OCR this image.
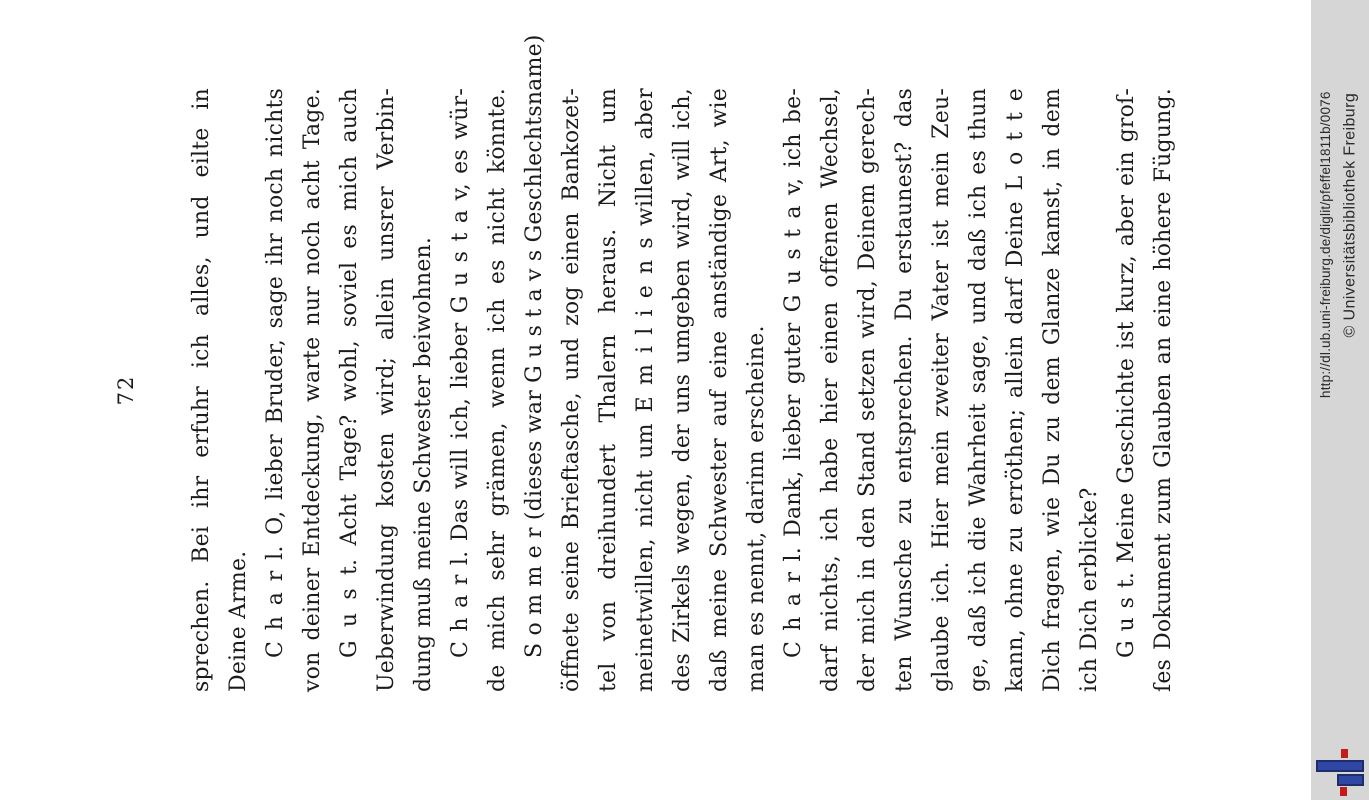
72 sprechen. Bei ihr erfuhr ich alles, und eilte in Deine Arme. C h a r l. O, lieber Bruder, sage ihr noch nichts von deiner Entdeckung, warte nur noch acht Tage. G u s t. Acht Tage? wohl, soviel es mich auch Ueberwindung kosten wird; allein unsrer Verbin- dung muß meine Schwester beiwohnen. C h a r l. Das will ich, lieber G u s t a v, es wür- de mich sehr grämen, wenn ich es nicht könnte. S o m m e r (dieses war G u s t a v s Geschlechtsname) öffnete seine Brieftasche, und zog einen Bankozet- tel von dreihundert Thalern heraus. Nicht um meinetwillen, nicht um E m i l i e n s willen, aber des Zirkels wegen, der uns umgeben wird, will ich, daß meine Schwester auf eine anständige Art, wie man es nennt, darinn erscheine. C h a r l. Dank, lieber guter G u s t a v, ich be- darf nichts, ich habe hier einen offenen Wechsel, der mich in den Stand setzen wird, Deinem gerech- ten Wunsche zu entsprechen. Du erstaunest? das glaube ich. Hier mein zweiter Vater ist mein Zeu- ge, daß ich die Wahrheit sage, und daß ich es thun kann, ohne zu erröthen; allein darf Deine L o t t e Dich fragen, wie Du zu dem Glanze kamst, in dem ich Dich erblicke? G u s t. Meine Geschichte ist kurz, aber ein groſ- ſes Dokument zum Glauben an eine höhere Fügung.	http://dl.ub.uni-freiburg.de/diglit/pfeffel1811b/0076 © Universitätsbibliothek Freiburg
